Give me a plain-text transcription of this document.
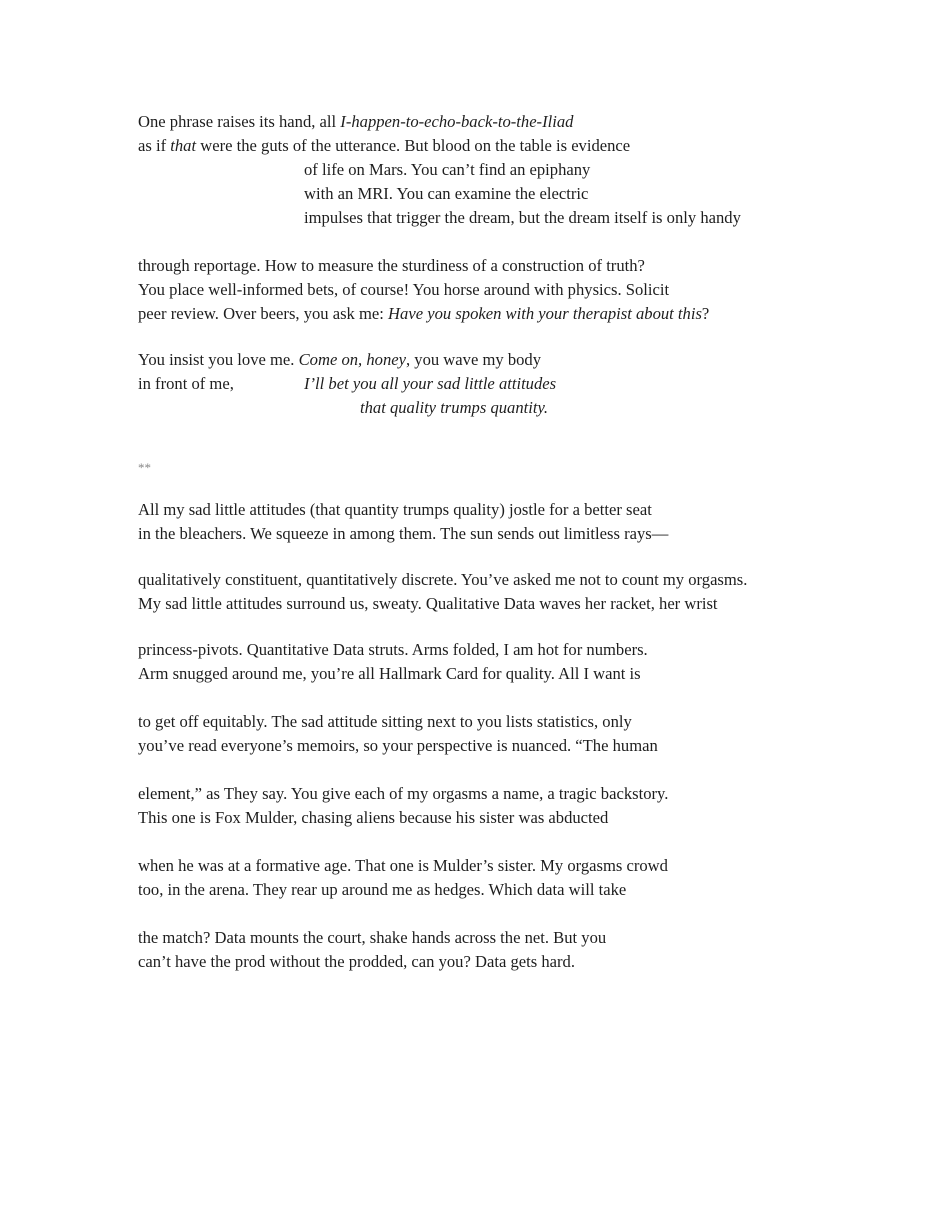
One phrase raises its hand, all I-happen-to-echo-back-to-the-Iliad
as if that were the guts of the utterance. But blood on the table is evidence
of life on Mars. You can’t find an epiphany
with an MRI. You can examine the electric
impulses that trigger the dream, but the dream itself is only handy
through reportage. How to measure the sturdiness of a construction of truth?
You place well-informed bets, of course! You horse around with physics. Solicit
peer review. Over beers, you ask me: Have you spoken with your therapist about this?
You insist you love me. Come on, honey, you wave my body
in front of me,	I’ll bet you all your sad little attitudes
that quality trumps quantity.
**
All my sad little attitudes (that quantity trumps quality) jostle for a better seat
in the bleachers. We squeeze in among them. The sun sends out limitless rays—
qualitatively constituent, quantitatively discrete. You’ve asked me not to count my orgasms.
My sad little attitudes surround us, sweaty. Qualitative Data waves her racket, her wrist
princess-pivots. Quantitative Data struts. Arms folded, I am hot for numbers.
Arm snugged around me, you’re all Hallmark Card for quality. All I want is
to get off equitably. The sad attitude sitting next to you lists statistics, only
you’ve read everyone’s memoirs, so your perspective is nuanced. “The human
element,” as They say. You give each of my orgasms a name, a tragic backstory.
This one is Fox Mulder, chasing aliens because his sister was abducted
when he was at a formative age. That one is Mulder’s sister. My orgasms crowd
too, in the arena. They rear up around me as hedges. Which data will take
the match? Data mounts the court, shake hands across the net. But you
can’t have the prod without the prodded, can you? Data gets hard.
